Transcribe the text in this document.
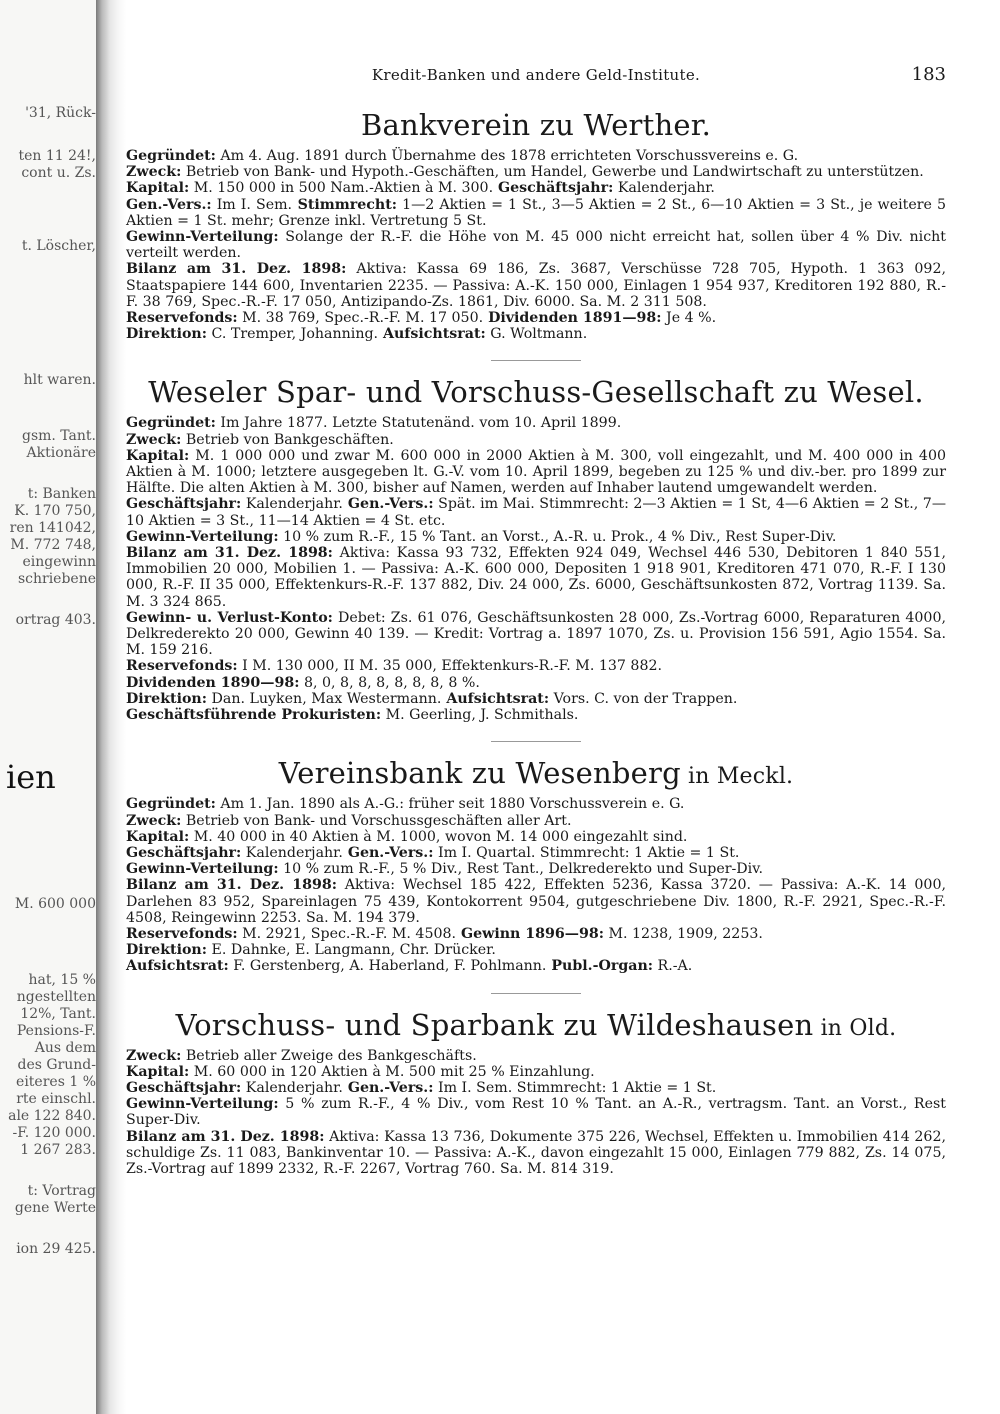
'31, Rück-
ten 11 24!,
cont u. Zs.
t. Löscher,
hlt waren.
gsm. Tant.
Aktionäre
t: Banken
K. 170 750,
ren 141042,
M. 772 748,
eingewinn
schriebene
ortrag 403.
ien
M. 600 000
hat, 15 %
ngestellten
12%, Tant.
Pensions-F.
Aus dem
des Grund-
eiteres 1 %
rte einschl.
ale 122 840.
-F. 120 000.
1 267 283.
t: Vortrag
gene Werte
ion 29 425.
Kredit-Banken und andere Geld-Institute.	183
Bankverein zu Werther.

Gegründet: Am 4. Aug. 1891 durch Übernahme des 1878 errichteten Vorschussvereins e. G.

Zweck: Betrieb von Bank- und Hypoth.-Geschäften, um Handel, Gewerbe und Landwirtschaft zu unterstützen.

Kapital: M. 150 000 in 500 Nam.-Aktien à M. 300. Geschäftsjahr: Kalenderjahr.

Gen.-Vers.: Im I. Sem. Stimmrecht: 1—2 Aktien = 1 St., 3—5 Aktien = 2 St., 6—10 Aktien = 3 St., je weitere 5 Aktien = 1 St. mehr; Grenze inkl. Vertretung 5 St.

Gewinn-Verteilung: Solange der R.-F. die Höhe von M. 45 000 nicht erreicht hat, sollen über 4 % Div. nicht verteilt werden.

Bilanz am 31. Dez. 1898: Aktiva: Kassa 69 186, Zs. 3687, Verschüsse 728 705, Hypoth. 1 363 092, Staatspapiere 144 600, Inventarien 2235. — Passiva: A.-K. 150 000, Einlagen 1 954 937, Kreditoren 192 880, R.-F. 38 769, Spec.-R.-F. 17 050, Antizipando-Zs. 1861, Div. 6000. Sa. M. 2 311 508.

Reservefonds: M. 38 769, Spec.-R.-F. M. 17 050. Dividenden 1891—98: Je 4 %.

Direktion: C. Tremper, Johanning. Aufsichtsrat: G. Woltmann.

Weseler Spar- und Vorschuss-Gesellschaft zu Wesel.

Gegründet: Im Jahre 1877. Letzte Statutenänd. vom 10. April 1899.

Zweck: Betrieb von Bankgeschäften.

Kapital: M. 1 000 000 und zwar M. 600 000 in 2000 Aktien à M. 300, voll eingezahlt, und M. 400 000 in 400 Aktien à M. 1000; letztere ausgegeben lt. G.-V. vom 10. April 1899, begeben zu 125 % und div.-ber. pro 1899 zur Hälfte. Die alten Aktien à M. 300, bisher auf Namen, werden auf Inhaber lautend umgewandelt werden.

Geschäftsjahr: Kalenderjahr. Gen.-Vers.: Spät. im Mai. Stimmrecht: 2—3 Aktien = 1 St, 4—6 Aktien = 2 St., 7—10 Aktien = 3 St., 11—14 Aktien = 4 St. etc.

Gewinn-Verteilung: 10 % zum R.-F., 15 % Tant. an Vorst., A.-R. u. Prok., 4 % Div., Rest Super-Div.

Bilanz am 31. Dez. 1898: Aktiva: Kassa 93 732, Effekten 924 049, Wechsel 446 530, Debitoren 1 840 551, Immobilien 20 000, Mobilien 1. — Passiva: A.-K. 600 000, Depositen 1 918 901, Kreditoren 471 070, R.-F. I 130 000, R.-F. II 35 000, Effektenkurs-R.-F. 137 882, Div. 24 000, Zs. 6000, Geschäftsunkosten 872, Vortrag 1139. Sa. M. 3 324 865.

Gewinn- u. Verlust-Konto: Debet: Zs. 61 076, Geschäftsunkosten 28 000, Zs.-Vortrag 6000, Reparaturen 4000, Delkrederekto 20 000, Gewinn 40 139. — Kredit: Vortrag a. 1897 1070, Zs. u. Provision 156 591, Agio 1554. Sa. M. 159 216.

Reservefonds: I M. 130 000, II M. 35 000, Effektenkurs-R.-F. M. 137 882.

Dividenden 1890—98: 8, 0, 8, 8, 8, 8, 8, 8, 8 %.

Direktion: Dan. Luyken, Max Westermann. Aufsichtsrat: Vors. C. von der Trappen.

Geschäftsführende Prokuristen: M. Geerling, J. Schmithals.

Vereinsbank zu Wesenberg in Meckl.

Gegründet: Am 1. Jan. 1890 als A.-G.: früher seit 1880 Vorschussverein e. G.

Zweck: Betrieb von Bank- und Vorschussgeschäften aller Art.

Kapital: M. 40 000 in 40 Aktien à M. 1000, wovon M. 14 000 eingezahlt sind.

Geschäftsjahr: Kalenderjahr. Gen.-Vers.: Im I. Quartal. Stimmrecht: 1 Aktie = 1 St.

Gewinn-Verteilung: 10 % zum R.-F., 5 % Div., Rest Tant., Delkrederekto und Super-Div.

Bilanz am 31. Dez. 1898: Aktiva: Wechsel 185 422, Effekten 5236, Kassa 3720. — Passiva: A.-K. 14 000, Darlehen 83 952, Spareinlagen 75 439, Kontokorrent 9504, gutgeschriebene Div. 1800, R.-F. 2921, Spec.-R.-F. 4508, Reingewinn 2253. Sa. M. 194 379.

Reservefonds: M. 2921, Spec.-R.-F. M. 4508. Gewinn 1896—98: M. 1238, 1909, 2253.

Direktion: E. Dahnke, E. Langmann, Chr. Drücker.

Aufsichtsrat: F. Gerstenberg, A. Haberland, F. Pohlmann. Publ.-Organ: R.-A.

Vorschuss- und Sparbank zu Wildeshausen in Old.

Zweck: Betrieb aller Zweige des Bankgeschäfts.

Kapital: M. 60 000 in 120 Aktien à M. 500 mit 25 % Einzahlung.

Geschäftsjahr: Kalenderjahr. Gen.-Vers.: Im I. Sem. Stimmrecht: 1 Aktie = 1 St.

Gewinn-Verteilung: 5 % zum R.-F., 4 % Div., vom Rest 10 % Tant. an A.-R., vertragsm. Tant. an Vorst., Rest Super-Div.

Bilanz am 31. Dez. 1898: Aktiva: Kassa 13 736, Dokumente 375 226, Wechsel, Effekten u. Immobilien 414 262, schuldige Zs. 11 083, Bankinventar 10. — Passiva: A.-K., davon eingezahlt 15 000, Einlagen 779 882, Zs. 14 075, Zs.-Vortrag auf 1899 2332, R.-F. 2267, Vortrag 760. Sa. M. 814 319.
